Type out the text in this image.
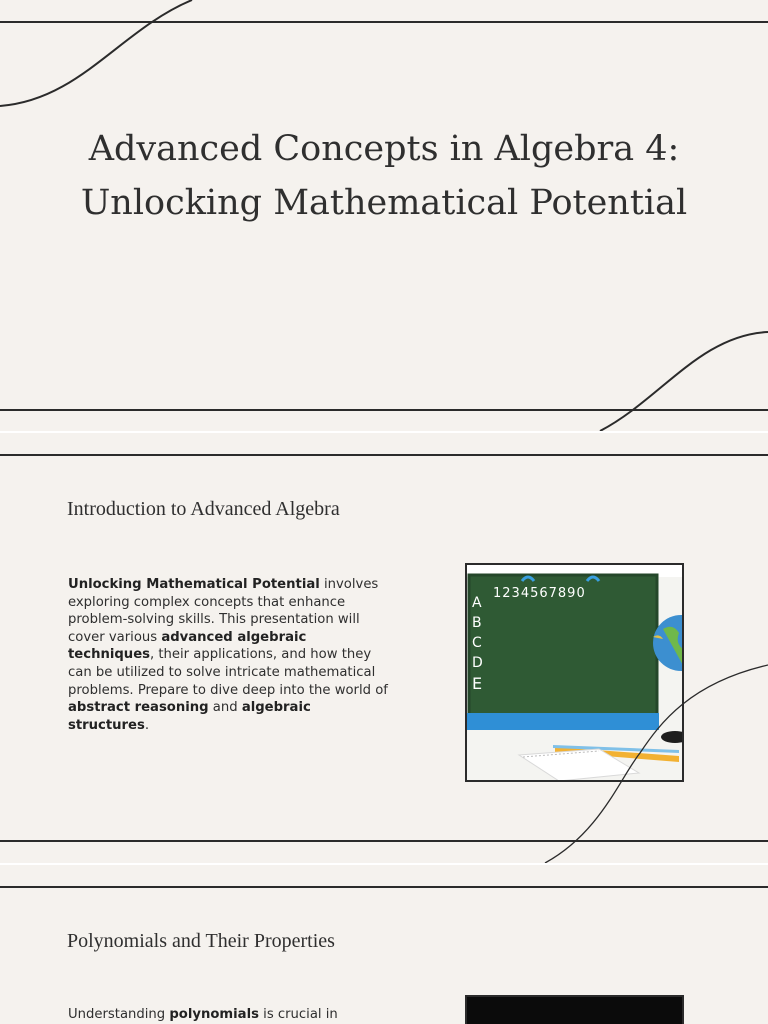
Advanced Concepts in Algebra 4:
Unlocking Mathematical Potential
Introduction to Advanced Algebra

Unlocking Mathematical Potential involves exploring complex concepts that enhance problem-solving skills. This presentation will cover various advanced algebraic techniques, their applications, and how they can be utilized to solve intricate mathematical problems. Prepare to dive deep into the world of abstract reasoning and algebraic structures.

1234567890
A
B
C
D
E
Polynomials and Their Properties

Understanding polynomials is crucial in
